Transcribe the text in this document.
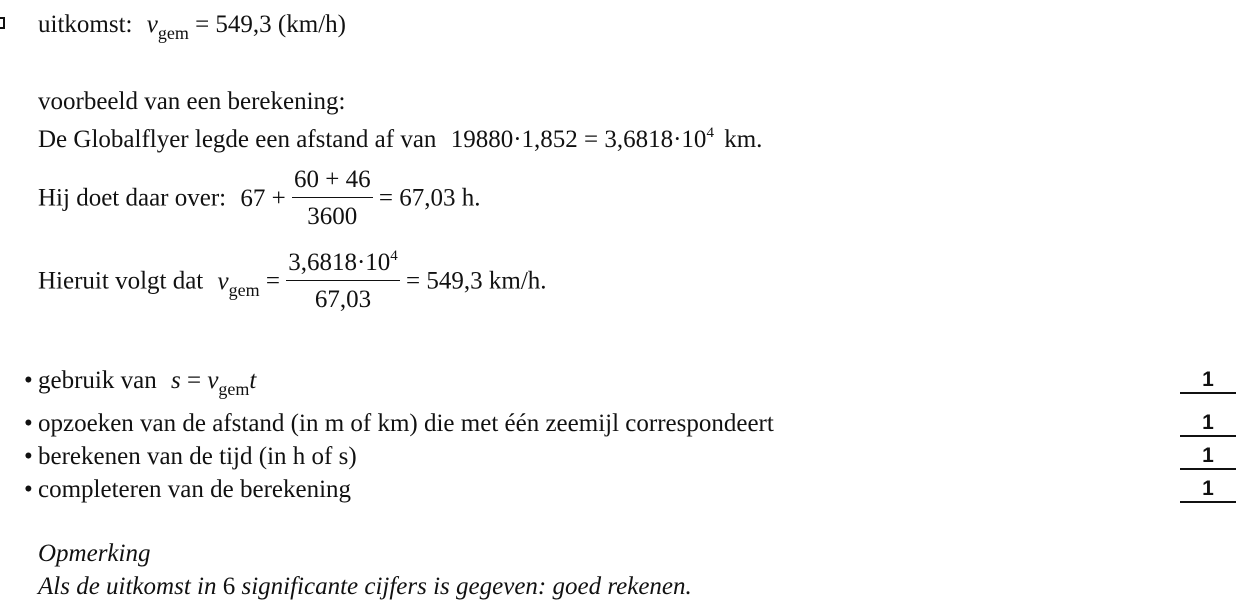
uitkomst: $v_{gem} = 549,3$ (km/h)
voorbeeld van een berekening:
De Globalflyer legde een afstand af van $19880\cdot 1,852 = 3,6818\cdot 10^4$ km.
Hij doet daar over: $67 + \frac{60 + 46}{3600} = 67,03$ h.
Hieruit volgt dat $v_{gem} = \frac{3,6818\cdot 10^4}{67,03} = 549,3$ km/h.
• gebruik van $s = v_{gem}t$	1
• opzoeken van de afstand (in m of km) die met één zeemijl correspondeert	1
• berekenen van de tijd (in h of s)	1
• completeren van de berekening	1
Opmerking
Als de uitkomst in 6 significante cijfers is gegeven: goed rekenen.
